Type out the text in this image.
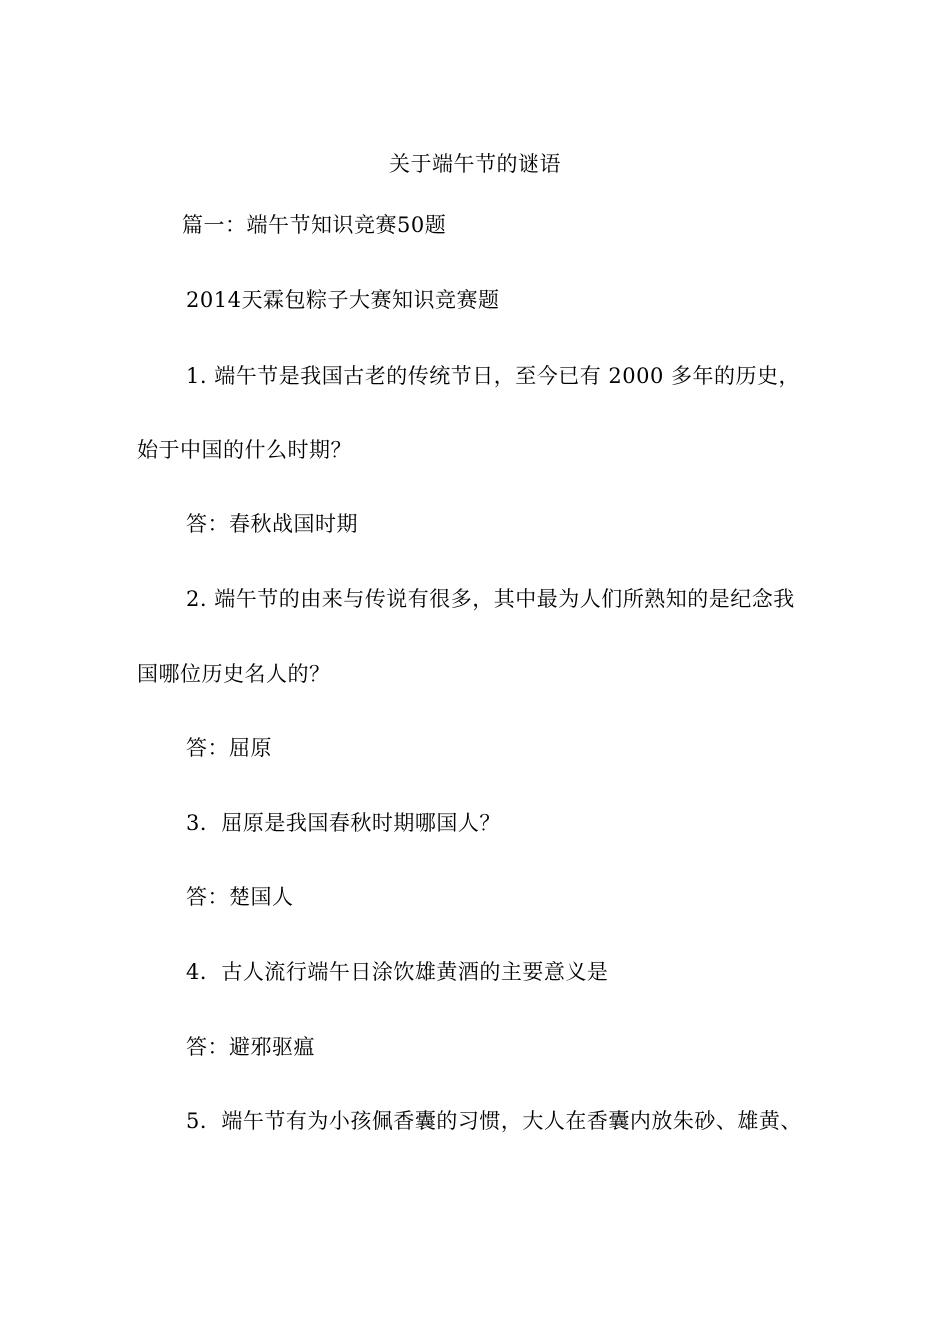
关于端午节的谜语
篇一：端午节知识竞赛50题
2014天霖包粽子大赛知识竞赛题
1. 端午节是我国古老的传统节日，至今已有 2000 多年的历史，
始于中国的什么时期？
答：春秋战国时期
2. 端午节的由来与传说有很多，其中最为人们所熟知的是纪念我
国哪位历史名人的？
答：屈原
3．屈原是我国春秋时期哪国人？
答：楚国人
4．古人流行端午日涂饮雄黄酒的主要意义是
答：避邪驱瘟
5．端午节有为小孩佩香囊的习惯，大人在香囊内放朱砂、雄黄、
